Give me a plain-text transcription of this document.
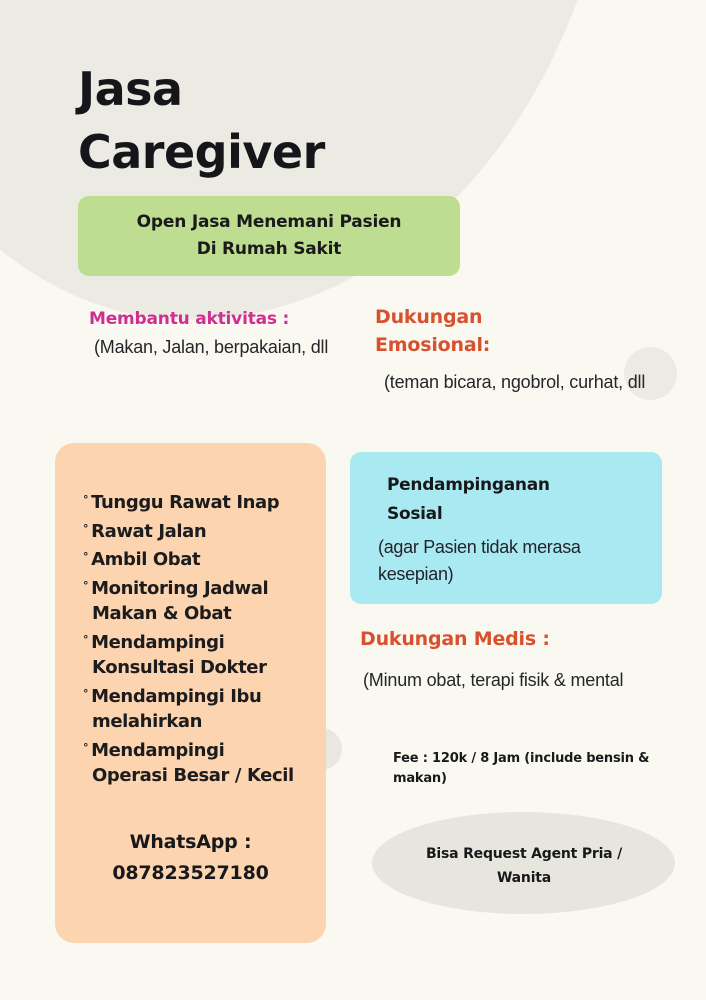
Jasa
Caregiver
Open Jasa Menemani Pasien
Di Rumah Sakit
Membantu aktivitas :
(Makan, Jalan, berpakaian, dll
Dukungan
Emosional:
(teman bicara, ngobrol, curhat, dll
° Tunggu Rawat Inap
° Rawat Jalan
° Ambil Obat
° Monitoring Jadwal Makan & Obat
° Mendampingi Konsultasi Dokter
° Mendampingi Ibu melahirkan
° Mendampingi Operasi Besar / Kecil
WhatsApp :
087823527180
Pendampinganan
Sosial
(agar Pasien tidak merasa kesepian)
Dukungan Medis :
(Minum obat, terapi fisik & mental
Fee : 120k / 8 Jam (include bensin & makan)
Bisa Request Agent Pria /
Wanita
